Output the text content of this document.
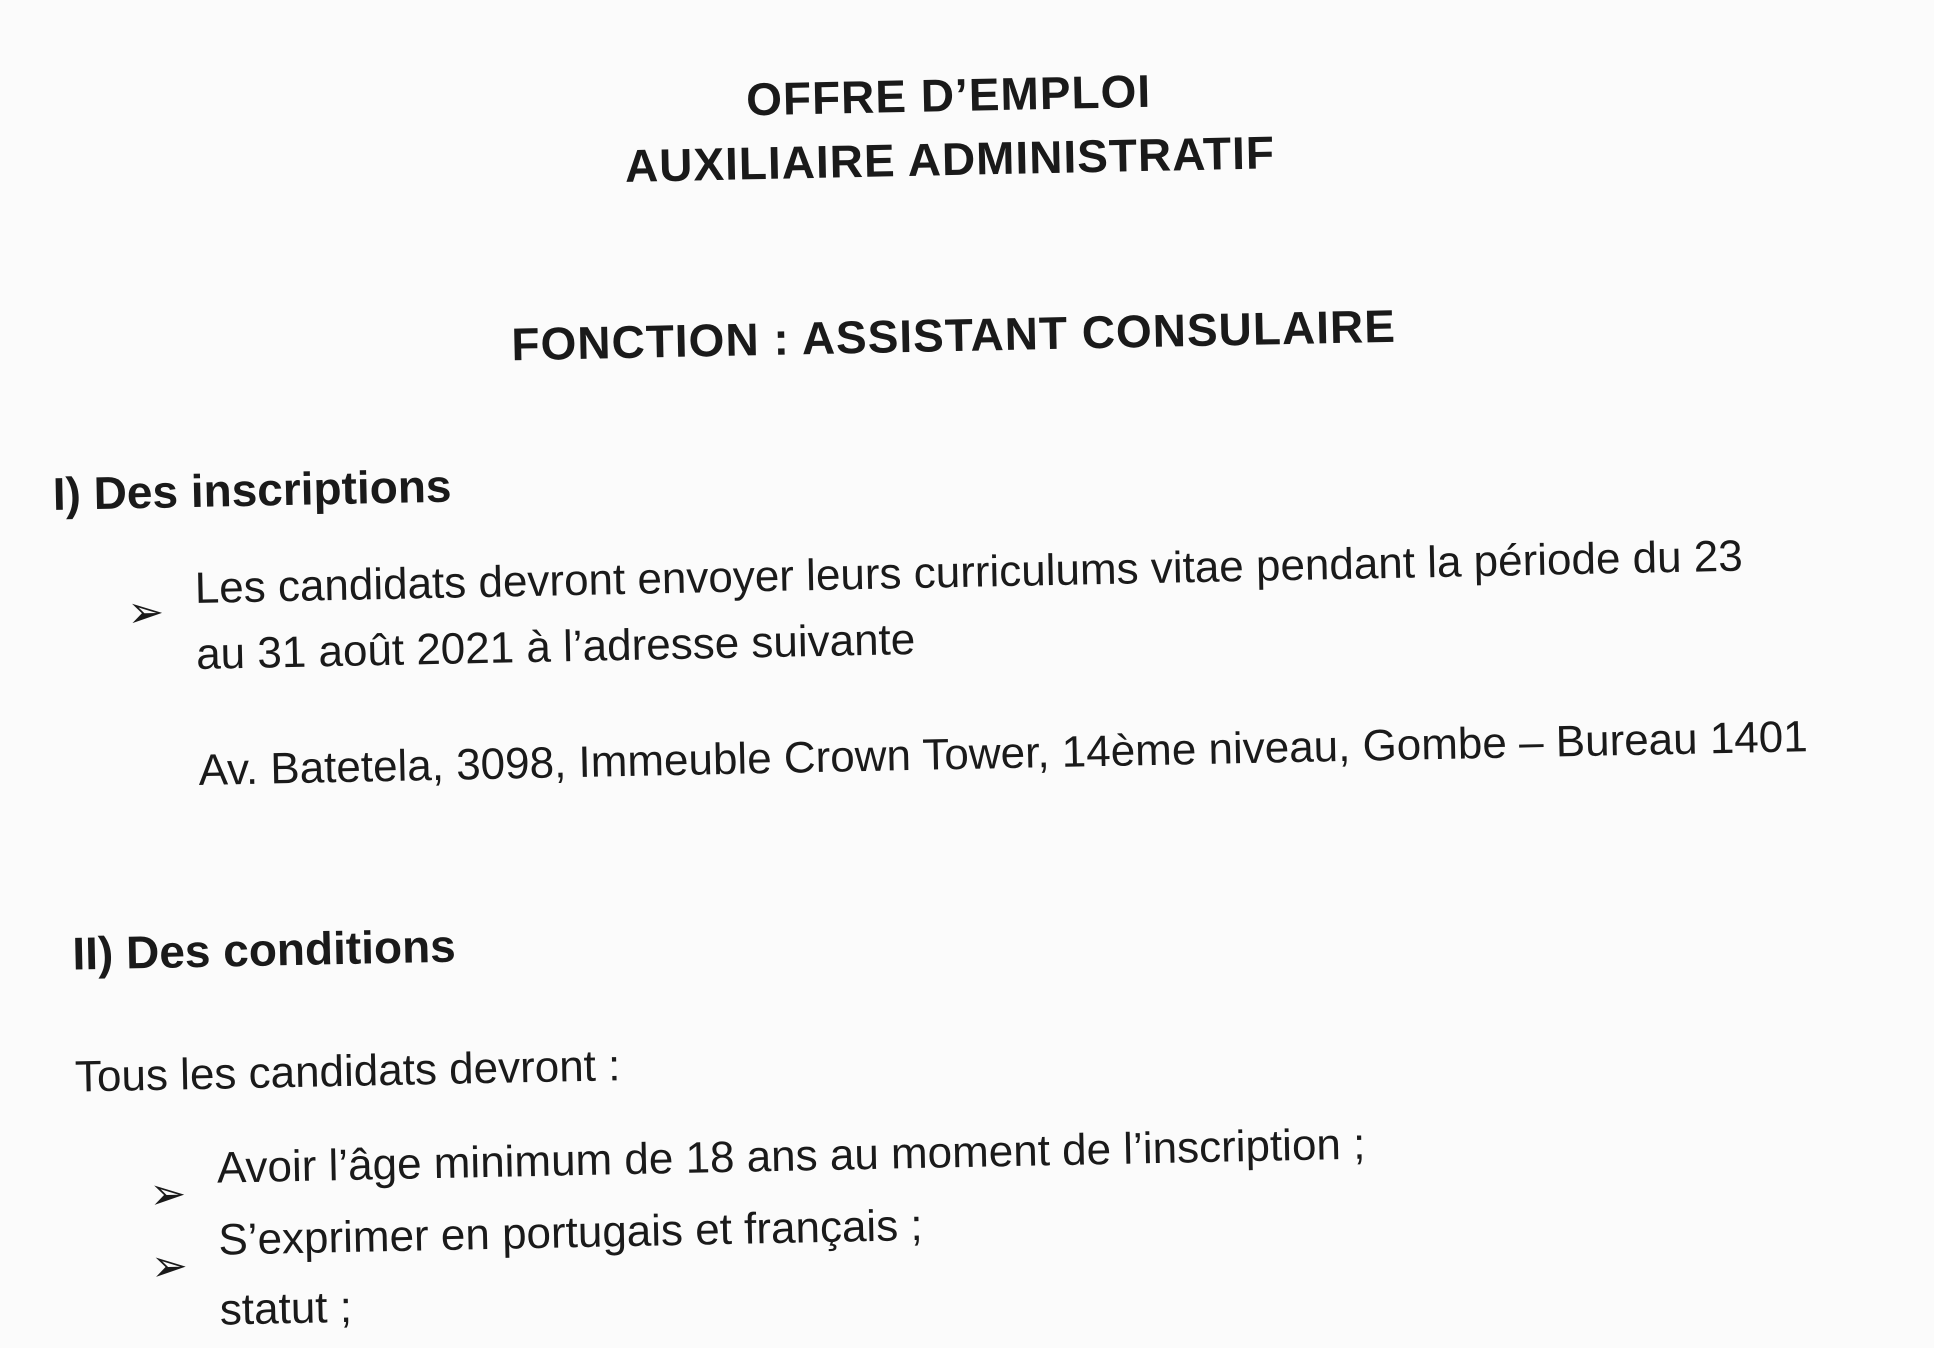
OFFRE D’EMPLOI
AUXILIAIRE ADMINISTRATIF
FONCTION : ASSISTANT CONSULAIRE
I) Des inscriptions
➢ Les candidats devront envoyer leurs curriculums vitae pendant la période du 23
au 31 août 2021 à l’adresse suivante
Av. Batetela, 3098, Immeuble Crown Tower, 14ème niveau, Gombe – Bureau 1401
II) Des conditions
Tous les candidats devront :
➢
Avoir l’âge minimum de 18 ans au moment de l’inscription ;
➢
S’exprimer en portugais et français ;
statut ;
